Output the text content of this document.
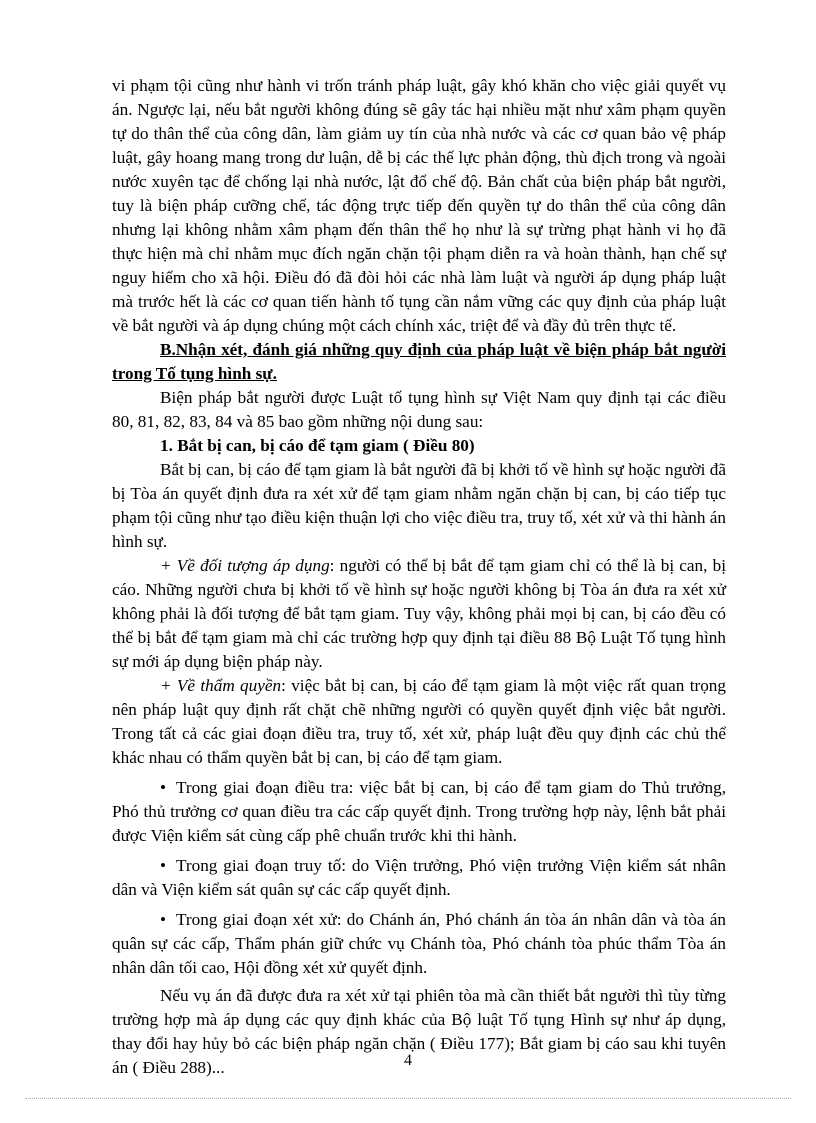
vi phạm tội cũng như hành vi trốn tránh pháp luật, gây khó khăn cho việc giải quyết vụ án. Ngược lại, nếu bắt người không đúng sẽ gây tác hại nhiều mặt như xâm phạm quyền tự do thân thể của công dân, làm giảm uy tín của nhà nước và các cơ quan bảo vệ pháp luật, gây hoang mang trong dư luận, dễ bị các thế lực phản động, thù địch trong và ngoài nước xuyên tạc để chống lại nhà nước, lật đổ chế độ. Bản chất của biện pháp bắt người, tuy là biện pháp cưỡng chế, tác động trực tiếp đến quyền tự do thân thể của công dân nhưng lại không nhằm xâm phạm đến thân thể họ như là sự trừng phạt hành vi họ đã thực hiện mà chỉ nhằm mục đích ngăn chặn tội phạm diễn ra và hoàn thành, hạn chế sự nguy hiểm cho xã hội. Điều đó đã đòi hỏi các nhà làm luật và người áp dụng pháp luật mà trước hết là các cơ quan tiến hành tố tụng cần nắm vững các quy định của pháp luật về bắt người và áp dụng chúng một cách chính xác, triệt để và đầy đủ trên thực tế.

B.Nhận xét, đánh giá những quy định của pháp luật về biện pháp bắt người trong Tố tụng hình sự.

Biện pháp bắt người được Luật tố tụng hình sự Việt Nam quy định tại các điều 80, 81, 82, 83, 84 và 85 bao gồm những nội dung sau:

1. Bắt bị can, bị cáo để tạm giam ( Điều 80)

Bắt bị can, bị cáo để tạm giam là bắt người đã bị khởi tố về hình sự hoặc người đã bị Tòa án quyết định đưa ra xét xử để tạm giam nhằm ngăn chặn bị can, bị cáo tiếp tục phạm tội cũng như tạo điều kiện thuận lợi cho việc điều tra, truy tố, xét xử và thi hành án hình sự.

+ Về đối tượng áp dụng: người có thể bị bắt để tạm giam chỉ có thể là bị can, bị cáo. Những người chưa bị khởi tố về hình sự hoặc người không bị Tòa án đưa ra xét xử không phải là đối tượng để bắt tạm giam. Tuy vậy, không phải mọi bị can, bị cáo đều có thể bị bắt để tạm giam mà chỉ các trường hợp quy định tại điều 88 Bộ Luật Tố tụng hình sự mới áp dụng biện pháp này.

+ Về thẩm quyền: việc bắt bị can, bị cáo để tạm giam là một việc rất quan trọng nên pháp luật quy định rất chặt chẽ những người có quyền quyết định việc bắt người. Trong tất cả các giai đoạn điều tra, truy tố, xét xử, pháp luật đều quy định các chủ thể khác nhau có thẩm quyền bắt bị can, bị cáo để tạm giam.

• Trong giai đoạn điều tra: việc bắt bị can, bị cáo để tạm giam do Thủ trưởng, Phó thủ trưởng cơ quan điều tra các cấp quyết định. Trong trường hợp này, lệnh bắt phải được Viện kiểm sát cùng cấp phê chuẩn trước khi thi hành.

• Trong giai đoạn truy tố: do Viện trưởng, Phó viện trưởng Viện kiểm sát nhân dân và Viện kiểm sát quân sự các cấp quyết định.

• Trong giai đoạn xét xử: do Chánh án, Phó chánh án tòa án nhân dân và tòa án quân sự các cấp, Thẩm phán giữ chức vụ Chánh tòa, Phó chánh tòa phúc thẩm Tòa án nhân dân tối cao, Hội đồng xét xử quyết định.

Nếu vụ án đã được đưa ra xét xử tại phiên tòa mà cần thiết bắt người thì tùy từng trường hợp mà áp dụng các quy định khác của Bộ luật Tố tụng Hình sự như áp dụng, thay đổi hay hủy bỏ các biện pháp ngăn chặn ( Điều 177); Bắt giam bị cáo sau khi tuyên án ( Điều 288)...	4
